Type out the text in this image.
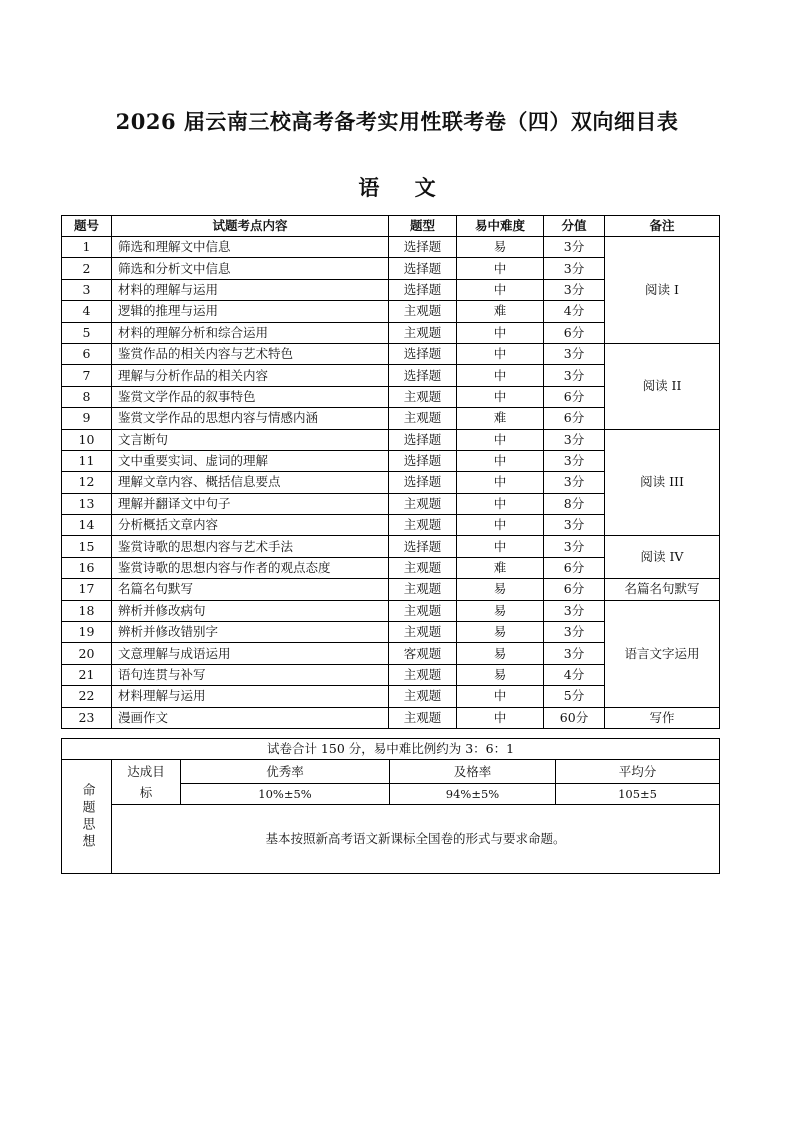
2026 届云南三校高考备考实用性联考卷（四）双向细目表
语 文
题号	试题考点内容	题型	易中难度	分值	备注
1	筛选和理解文中信息	选择题	易	3分	阅读 I
2	筛选和分析文中信息	选择题	中	3分	
3	材料的理解与运用	选择题	中	3分	
4	逻辑的推理与运用	主观题	难	4分	
5	材料的理解分析和综合运用	主观题	中	6分	
6	鉴赏作品的相关内容与艺术特色	选择题	中	3分	阅读 II
7	理解与分析作品的相关内容	选择题	中	3分	
8	鉴赏文学作品的叙事特色	主观题	中	6分	
9	鉴赏文学作品的思想内容与情感内涵	主观题	难	6分	
10	文言断句	选择题	中	3分	阅读 III
11	文中重要实词、虚词的理解	选择题	中	3分	
12	理解文章内容、概括信息要点	选择题	中	3分	
13	理解并翻译文中句子	主观题	中	8分	
14	分析概括文章内容	主观题	中	3分	
15	鉴赏诗歌的思想内容与艺术手法	选择题	中	3分	阅读 IV
16	鉴赏诗歌的思想内容与作者的观点态度	主观题	难	6分	
17	名篇名句默写	主观题	易	6分	名篇名句默写
18	辨析并修改病句	主观题	易	3分	语言文字运用
19	辨析并修改错别字	主观题	易	3分	
20	文意理解与成语运用	客观题	易	3分	
21	语句连贯与补写	主观题	易	4分	
22	材料理解与运用	主观题	中	5分	
23	漫画作文	主观题	中	60分	写作
试卷合计 150 分，易中难比例约为 3：6：1				
命题思想	达成目标	优秀率	及格率	平均分
		10%±5%	94%±5%	105±5
	基本按照新高考语文新课标全国卷的形式与要求命题。			
